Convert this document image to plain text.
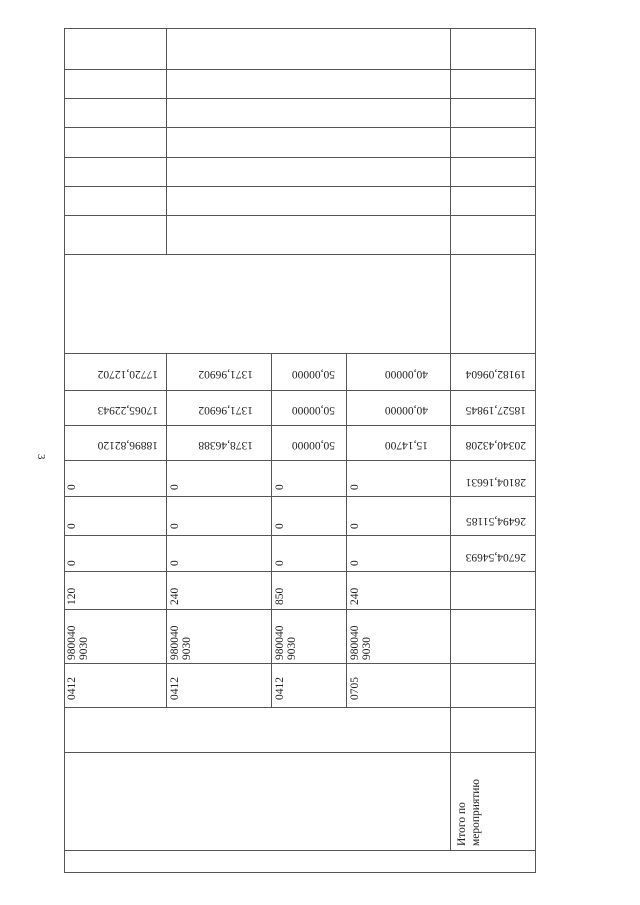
3
Итого по мероприятию
19182,09604
18527,19845
20340,43208
28104,16631
26494,51185
26704,54693
0412
980040 9030
120
0
0
0
18896,82120
17065,22943
17720,12702
0412
980040 9030
240
0
0
0
1378,46388
1371,96902
1371,96902
0412
980040 9030
850
0
0
0
50,00000
50,00000
50,00000
0705
980040 9030
240
0
0
0
15,14700
40,00000
40,00000
